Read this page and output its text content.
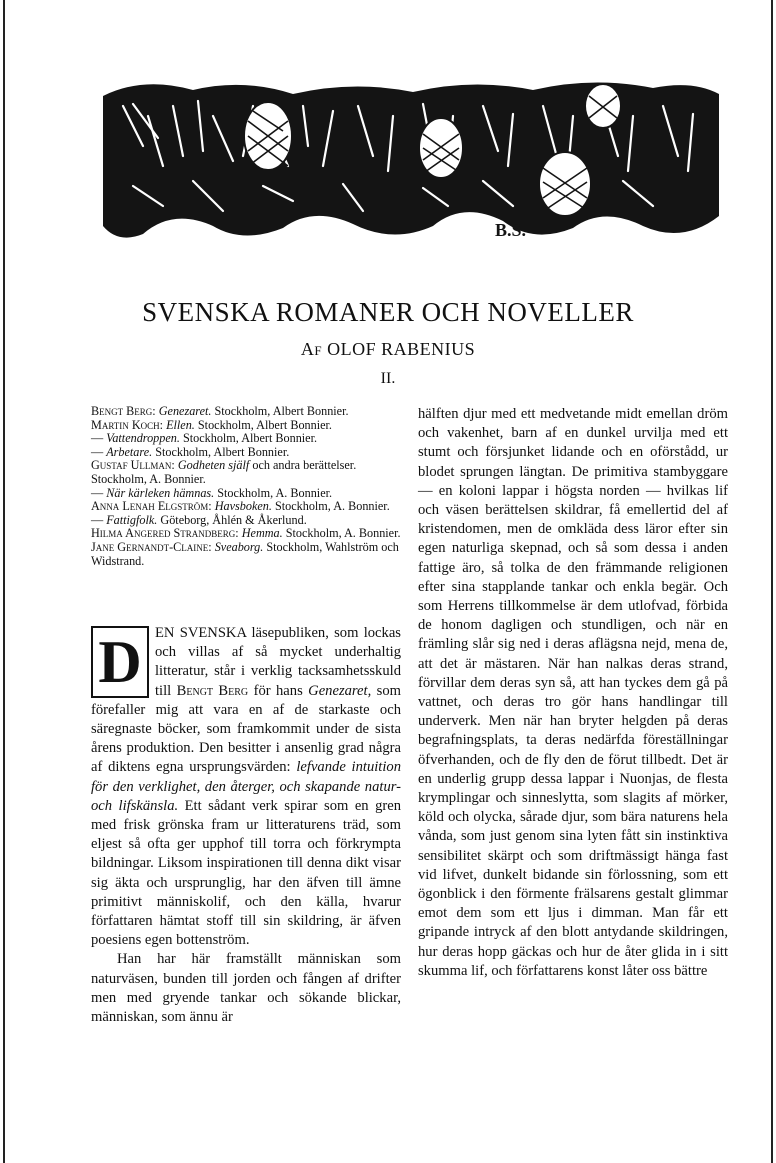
B.S.
SVENSKA ROMANER OCH NOVELLER
Af OLOF RABENIUS
II.
Bengt Berg: Genezaret. Stockholm, Albert Bonnier.
Martin Koch: Ellen. Stockholm, Albert Bonnier.
— Vattendroppen. Stockholm, Albert Bonnier.
— Arbetare. Stockholm, Albert Bonnier.
Gustaf Ullman: Godheten själf och andra berättelser. Stockholm, A. Bonnier.
— När kärleken hämnas. Stockholm, A. Bonnier.
Anna Lenah Elgström: Havsboken. Stockholm, A. Bonnier.
— Fattigfolk. Göteborg, Åhlén & Åkerlund.
Hilma Angered Strandberg: Hemma. Stockholm, A. Bonnier.
Jane Gernandt-Claine: Sveaborg. Stockholm, Wahlström och Widstrand.

D EN SVENSKA läsepubliken, som lockas och villas af så mycket underhaltig litteratur, står i verklig tacksamhetsskuld till Bengt Berg för hans Genezaret, som förefaller mig att vara en af de starkaste och säregnaste böcker, som framkommit under de sista årens produktion. Den besitter i ansenlig grad några af diktens egna ursprungsvärden: lefvande intuition för den verklighet, den återger, och skapande natur- och lifskänsla. Ett sådant verk spirar som en gren med frisk grönska fram ur litteraturens träd, som eljest så ofta ger upphof till torra och förkrympta bildningar. Liksom inspirationen till denna dikt visar sig äkta och ursprunglig, har den äfven till ämne primitivt människolif, och den källa, hvarur författaren hämtat stoff till sin skildring, är äfven poesiens egen bottenström.

Han har här framställt människan som naturväsen, bunden till jorden och fången af drifter men med gryende tankar och sökande blickar, människan, som ännu är

hälften djur med ett medvetande midt emellan dröm och vakenhet, barn af en dunkel urvilja med ett stumt och försjunket lidande och en oförstådd, ur blodet sprungen längtan. De primitiva stambyggare — en koloni lappar i högsta norden — hvilkas lif och väsen berättelsen skildrar, få emellertid del af kristendomen, men de omkläda dess läror efter sin egen naturliga skepnad, och så som dessa i anden fattige äro, så tolka de den främmande religionen efter sina stapplande tankar och enkla begär. Och som Herrens tillkommelse är dem utlofvad, förbida de honom dagligen och stundligen, och när en främling slår sig ned i deras aflägsna nejd, mena de, att det är mästaren. När han nalkas deras strand, förvillar dem deras syn så, att han tyckes dem gå på vattnet, och deras tro gör hans handlingar till underverk. Men när han bryter helgden på deras begrafningsplats, ta deras nedärfda föreställningar öfverhanden, och de fly den de förut tillbedt. Det är en underlig grupp dessa lappar i Nuonjas, de flesta krymplingar och sinneslytta, som slagits af mörker, köld och olycka, sårade djur, som bära naturens hela vånda, som just genom sina lyten fått sin instinktiva sensibilitet skärpt och som driftmässigt hänga fast vid lifvet, dunkelt bidande sin förlossning, som ett ögonblick i den förmente frälsarens gestalt glimmar emot dem som ett ljus i dimman. Man får ett gripande intryck af den blott antydande skildringen, hur deras hopp gäckas och hur de åter glida in i sitt skumma lif, och författarens konst låter oss bättre
